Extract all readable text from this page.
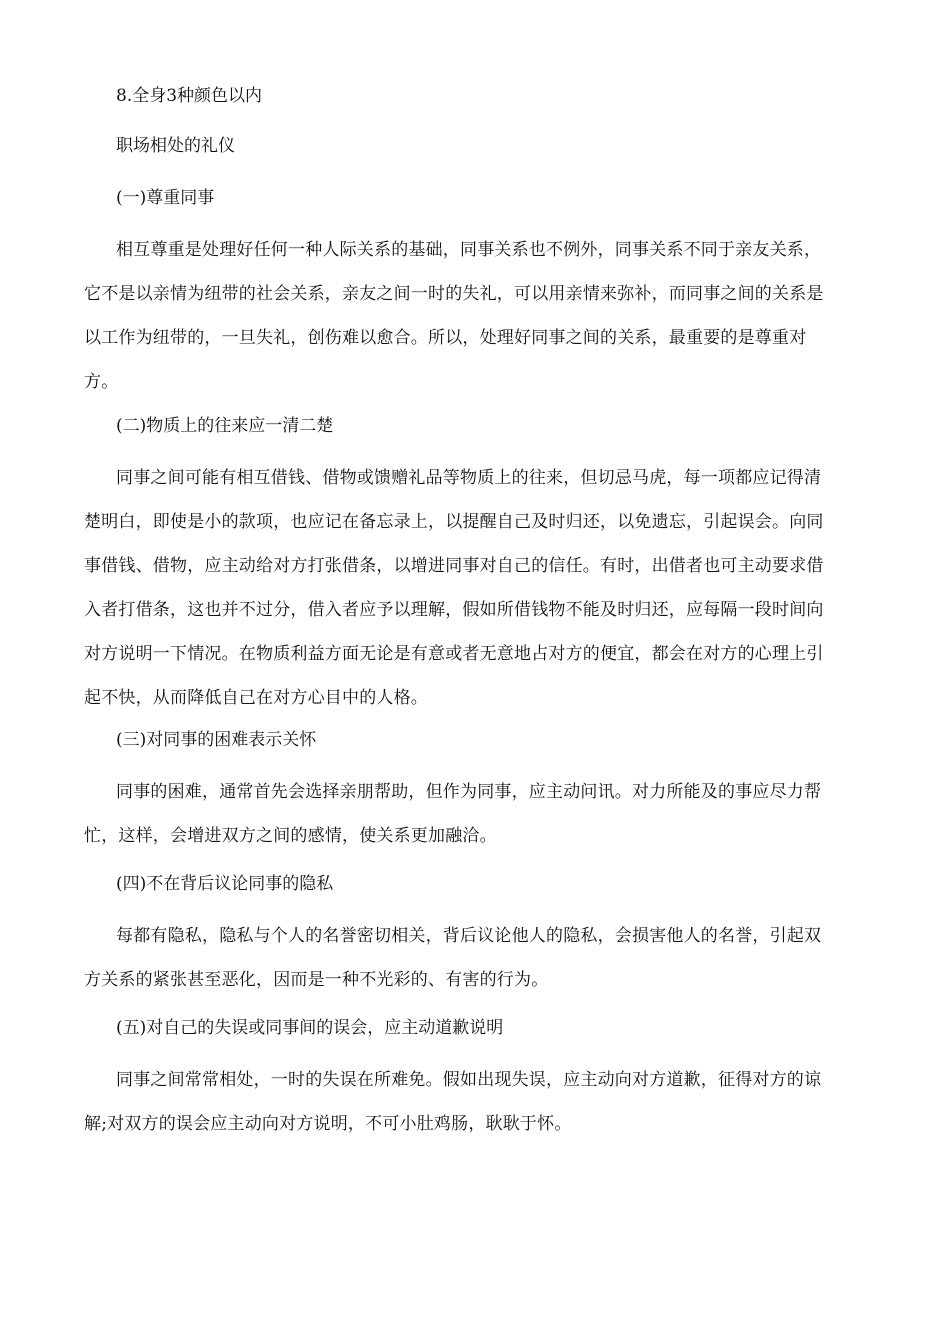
8.全身3种颜色以内
职场相处的礼仪
(一)尊重同事
相互尊重是处理好任何一种人际关系的基础，同事关系也不例外，同事关系不同于亲友关系，
它不是以亲情为纽带的社会关系，亲友之间一时的失礼，可以用亲情来弥补，而同事之间的关系是
以工作为纽带的，一旦失礼，创伤难以愈合。所以，处理好同事之间的关系，最重要的是尊重对
方。
(二)物质上的往来应一清二楚
同事之间可能有相互借钱、借物或馈赠礼品等物质上的往来，但切忌马虎，每一项都应记得清
楚明白，即使是小的款项，也应记在备忘录上，以提醒自己及时归还，以免遗忘，引起误会。向同
事借钱、借物，应主动给对方打张借条，以增进同事对自己的信任。有时，出借者也可主动要求借
入者打借条，这也并不过分，借入者应予以理解，假如所借钱物不能及时归还，应每隔一段时间向
对方说明一下情况。在物质利益方面无论是有意或者无意地占对方的便宜，都会在对方的心理上引
起不快，从而降低自己在对方心目中的人格。
(三)对同事的困难表示关怀
同事的困难，通常首先会选择亲朋帮助，但作为同事，应主动问讯。对力所能及的事应尽力帮
忙，这样，会增进双方之间的感情，使关系更加融洽。
(四)不在背后议论同事的隐私
每都有隐私，隐私与个人的名誉密切相关，背后议论他人的隐私，会损害他人的名誉，引起双
方关系的紧张甚至恶化，因而是一种不光彩的、有害的行为。
(五)对自己的失误或同事间的误会，应主动道歉说明
同事之间常常相处，一时的失误在所难免。假如出现失误，应主动向对方道歉，征得对方的谅
解;对双方的误会应主动向对方说明，不可小肚鸡肠，耿耿于怀。
